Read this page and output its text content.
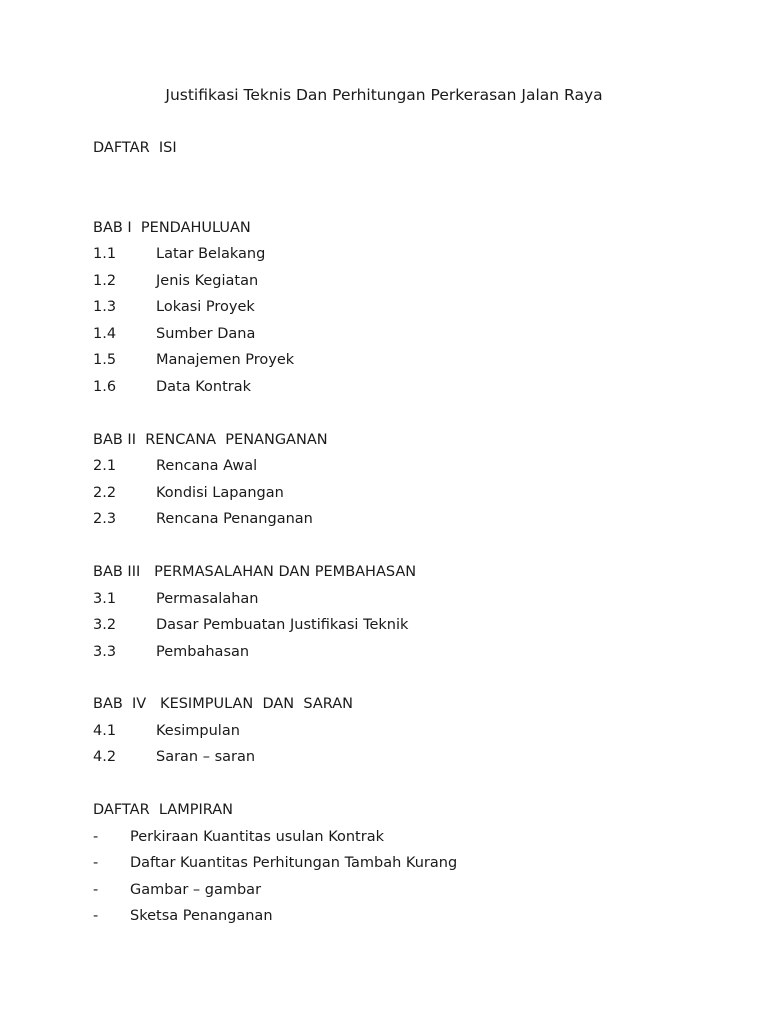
Justifikasi Teknis Dan Perhitungan Perkerasan Jalan Raya
DAFTAR  ISI
BAB I  PENDAHULUAN
1.1	Latar Belakang
1.2	Jenis Kegiatan
1.3	Lokasi Proyek
1.4	Sumber Dana
1.5	Manajemen Proyek
1.6	Data Kontrak
BAB II  RENCANA  PENANGANAN
2.1	Rencana Awal
2.2	Kondisi Lapangan
2.3	Rencana Penanganan
BAB III   PERMASALAHAN DAN PEMBAHASAN
3.1	Permasalahan
3.2	Dasar Pembuatan Justifikasi Teknik
3.3	Pembahasan
BAB  IV   KESIMPULAN  DAN  SARAN
4.1	Kesimpulan
4.2	Saran – saran
DAFTAR  LAMPIRAN
- Perkiraan Kuantitas usulan Kontrak
- Daftar Kuantitas Perhitungan Tambah Kurang
- Gambar – gambar
- Sketsa Penanganan
